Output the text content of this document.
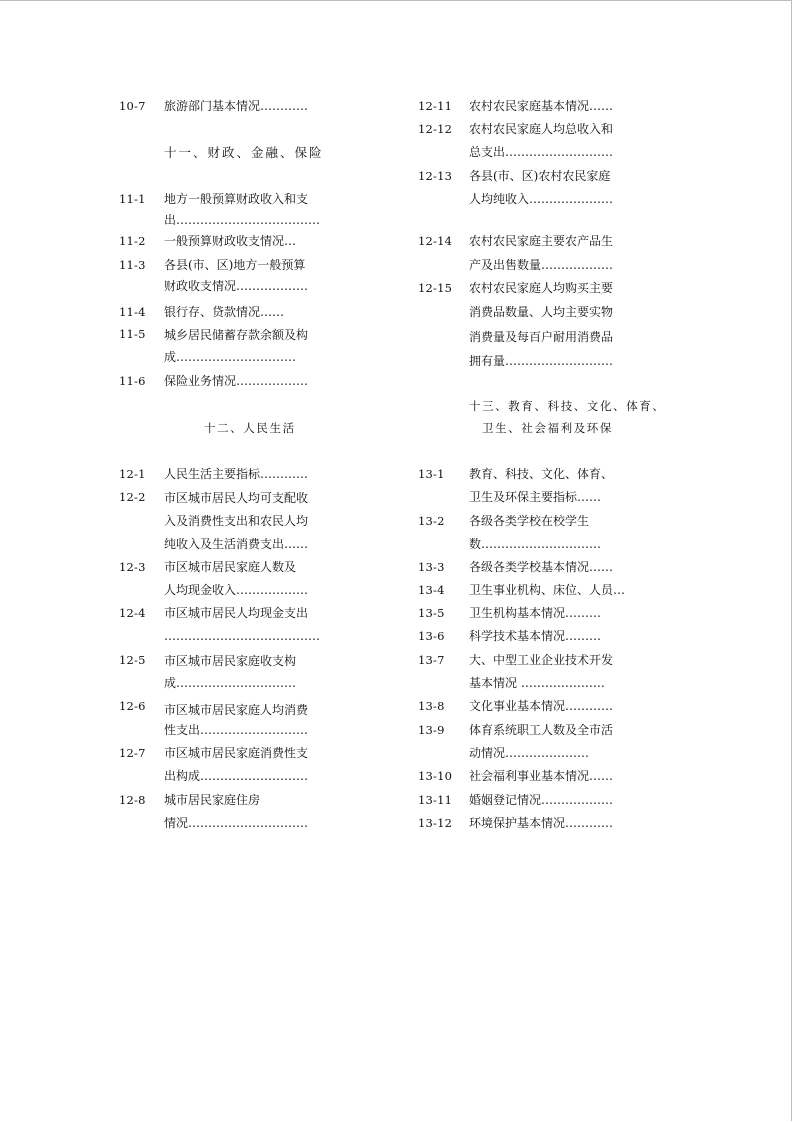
10-7 旅游部门基本情况…………
十一、财政、金融、保险
11-1 地方一般预算财政收入和支
出………………………………
11-2 一般预算财政收支情况…
11-3 各县(市、区)地方一般预算
财政收支情况………………
11-4 银行存、贷款情况……
11-5 城乡居民储蓄存款余额及构
成…………………………
11-6 保险业务情况………………
十二、人民生活
12-1 人民生活主要指标…………
12-2 市区城市居民人均可支配收
入及消费性支出和农民人均
纯收入及生活消费支出……
12-3 市区城市居民家庭人数及
人均现金收入………………
12-4 市区城市居民人均现金支出
…………………………………
12-5 市区城市居民家庭收支构
成…………………………
12-6 市区城市居民家庭人均消费
性支出………………………
12-7 市区城市居民家庭消费性支
出构成………………………
12-8 城市居民家庭住房
情况…………………………
12-11 农村农民家庭基本情况……
12-12 农村农民家庭人均总收入和
总支出………………………
12-13 各县(市、区)农村农民家庭
人均纯收入…………………
12-14 农村农民家庭主要农产品生
产及出售数量………………
12-15 农村农民家庭人均购买主要
消费品数量、人均主要实物
消费量及每百户耐用消费品
拥有量………………………
十三、教育、科技、文化、体育、
卫生、社会福利及环保
13-1 教育、科技、文化、体育、
卫生及环保主要指标……
13-2 各级各类学校在校学生
数…………………………
13-3 各级各类学校基本情况……
13-4 卫生事业机构、床位、人员…
13-5 卫生机构基本情况………
13-6 科学技术基本情况………
13-7 大、中型工业企业技术开发
基本情况 …………………
13-8 文化事业基本情况…………
13-9 体育系统职工人数及全市活
动情况…………………
13-10 社会福利事业基本情况……
13-11 婚姻登记情况………………
13-12 环境保护基本情况…………
